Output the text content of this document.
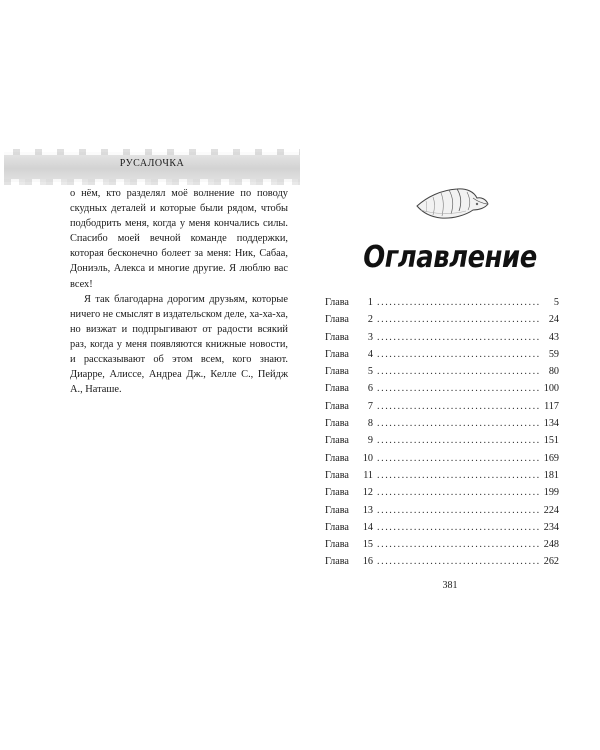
РУСАЛОЧКА

о нём, кто разделял моё волнение по поводу скудных деталей и которые были рядом, чтобы подбодрить меня, когда у меня кончались силы. Спасибо моей вечной команде поддержки, которая бесконечно болеет за меня: Ник, Сабаа, Дониэль, Алекса и многие другие. Я люблю вас всех!

Я так благодарна дорогим друзьям, которые ничего не смыслят в издательском деле, ха-ха-ха, но визжат и подпрыгивают от радости всякий раз, когда у меня появляются книжные новости, и рассказывают об этом всем, кого знают. Диарре, Алиссе, Андреа Дж., Келле С., Пейдж А., Наташе.

Оглавление
Глава	1 . . .	5
Глава	2 . . .	24
Глава	3 . . .	43
Глава	4 . . .	59
Глава	5 . . .	80
Глава	6 . . .	100
Глава	7 . . .	117
Глава	8 . . .	134
Глава	9 . . .	151
Глава	10 . . .	169
Глава	11 . . .	181
Глава	12 . . .	199
Глава	13 . . .	224
Глава	14 . . .	234
Глава	15 . . .	248
Глава	16 . . .	262
381
